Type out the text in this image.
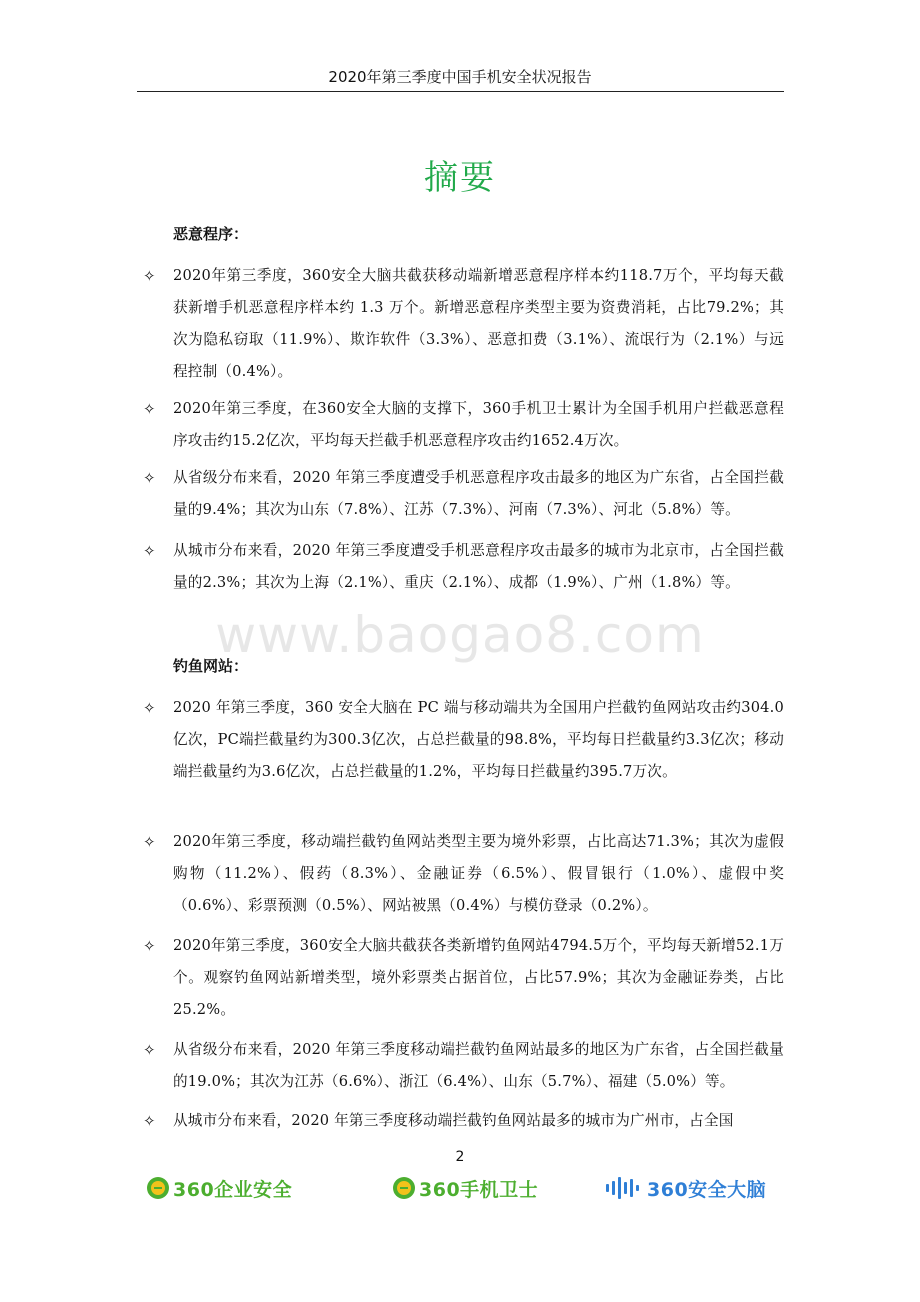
2020年第三季度中国手机安全状况报告
摘要
恶意程序：
✧ 2020年第三季度，360安全大脑共截获移动端新增恶意程序样本约118.7万个，平均每天截获新增手机恶意程序样本约 1.3 万个。新增恶意程序类型主要为资费消耗，占比79.2%；其次为隐私窃取（11.9%）、欺诈软件（3.3%）、恶意扣费（3.1%）、流氓行为（2.1%）与远程控制（0.4%）。
✧ 2020年第三季度，在360安全大脑的支撑下，360手机卫士累计为全国手机用户拦截恶意程序攻击约15.2亿次，平均每天拦截手机恶意程序攻击约1652.4万次。
✧ 从省级分布来看，2020 年第三季度遭受手机恶意程序攻击最多的地区为广东省，占全国拦截量的9.4%；其次为山东（7.8%）、江苏（7.3%）、河南（7.3%）、河北（5.8%）等。
✧ 从城市分布来看，2020 年第三季度遭受手机恶意程序攻击最多的城市为北京市，占全国拦截量的2.3%；其次为上海（2.1%）、重庆（2.1%）、成都（1.9%）、广州（1.8%）等。
www.baogao8.com
钓鱼网站：
✧ 2020 年第三季度，360 安全大脑在 PC 端与移动端共为全国用户拦截钓鱼网站攻击约304.0亿次，PC端拦截量约为300.3亿次，占总拦截量的98.8%，平均每日拦截量约3.3亿次；移动端拦截量约为3.6亿次，占总拦截量的1.2%，平均每日拦截量约395.7万次。
✧ 2020年第三季度，移动端拦截钓鱼网站类型主要为境外彩票，占比高达71.3%；其次为虚假购物（11.2%）、假药（8.3%）、金融证券（6.5%）、假冒银行（1.0%）、虚假中奖（0.6%）、彩票预测（0.5%）、网站被黑（0.4%）与模仿登录（0.2%）。
✧ 2020年第三季度，360安全大脑共截获各类新增钓鱼网站4794.5万个，平均每天新增52.1万个。观察钓鱼网站新增类型，境外彩票类占据首位，占比57.9%；其次为金融证券类，占比25.2%。
✧ 从省级分布来看，2020 年第三季度移动端拦截钓鱼网站最多的地区为广东省，占全国拦截量的19.0%；其次为江苏（6.6%）、浙江（6.4%）、山东（5.7%）、福建（5.0%）等。
✧ 从城市分布来看，2020 年第三季度移动端拦截钓鱼网站最多的城市为广州市，占全国
2
360企业安全	360手机卫士	360安全大脑
